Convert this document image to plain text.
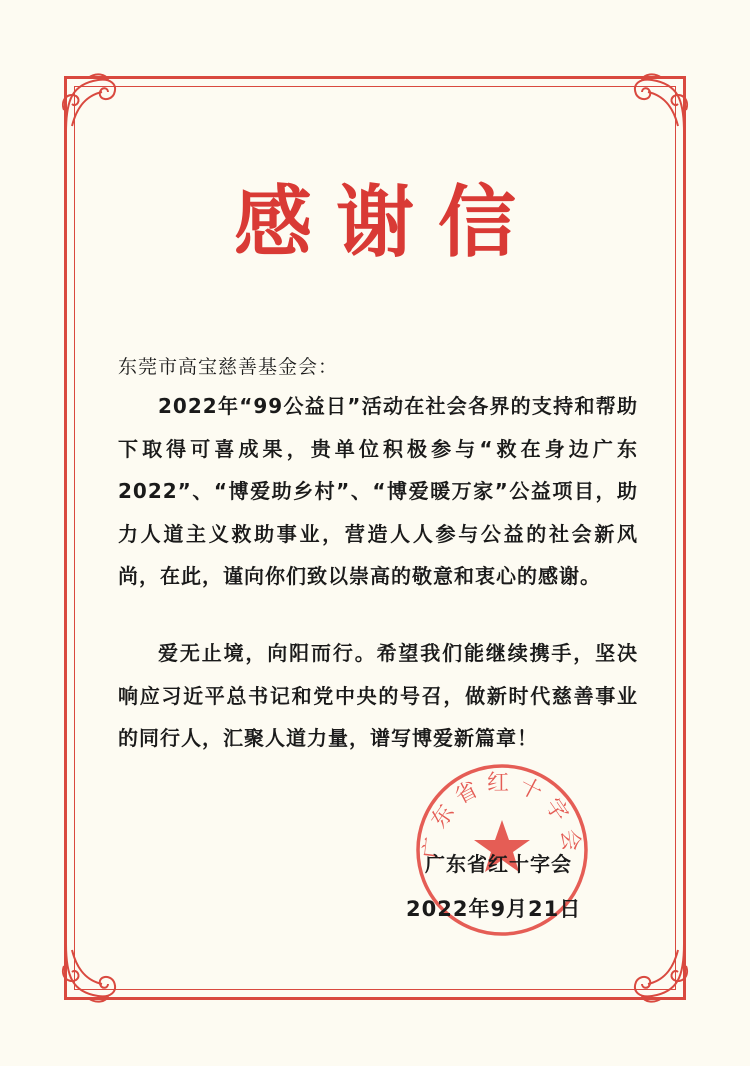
感谢信
东莞市高宝慈善基金会：
2022年“99公益日”活动在社会各界的支持和帮助下取得可喜成果，贵单位积极参与“救在身边广东2022”、“博爱助乡村”、“博爱暖万家”公益项目，助力人道主义救助事业，营造人人参与公益的社会新风尚，在此，谨向你们致以崇高的敬意和衷心的感谢。
爱无止境，向阳而行。希望我们能继续携手，坚决响应习近平总书记和党中央的号召，做新时代慈善事业的同行人，汇聚人道力量，谱写博爱新篇章！
广东省红十字会
广东省红十字会
2022年9月21日
